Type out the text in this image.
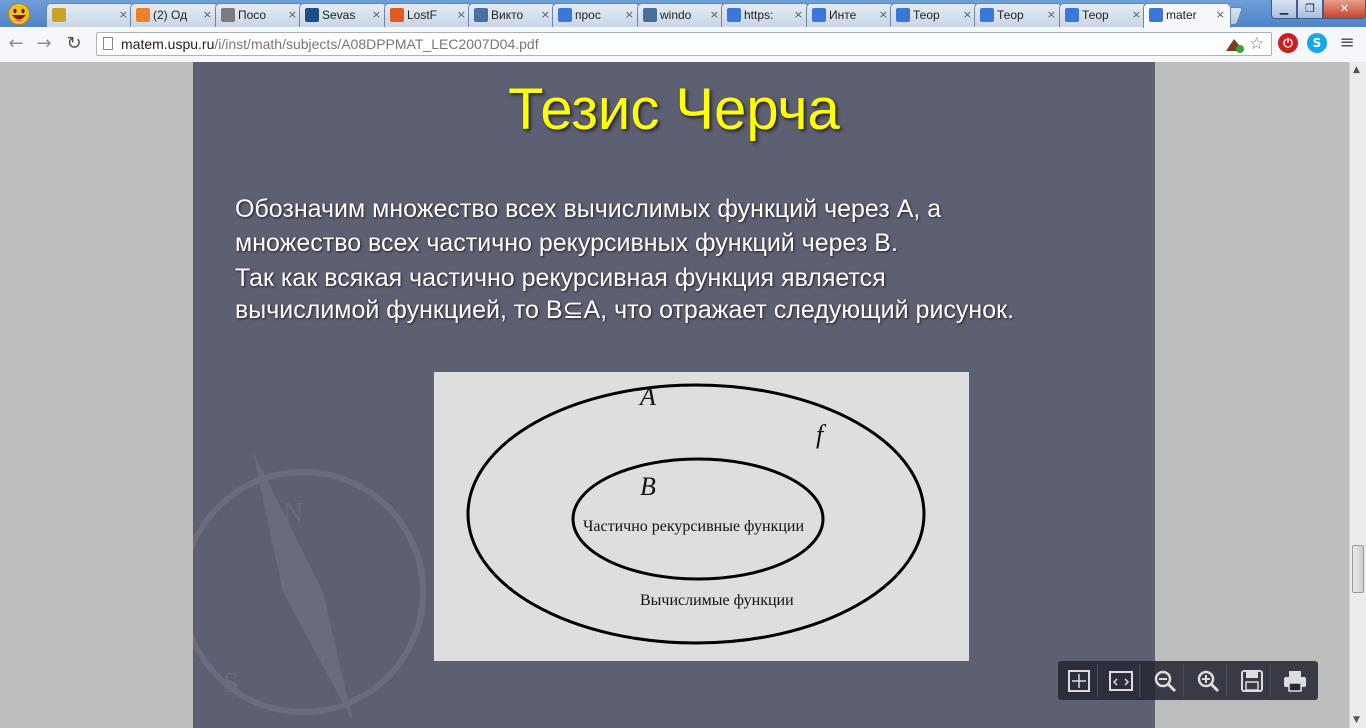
×	(2) Од ×	Посо ×	Sevas ×	LostF ×	Викто ×	прос ×	windo ×	https: ×	Инте ×	Теор ×	Теор ×	Теор ×	mater ×	▁	❐	✕
← → ↻	matem.uspu.ru/i/inst/math/subjects/A08DPPMAT_LEC2007D04.pdf	☆	⏻	S	≡
N
S
Тезис Черча
Обозначим множество всех вычислимых функций через A, а
множество всех частично рекурсивных функций через B.
Так как всякая частично рекурсивная функция является
вычислимой функцией, то B⊆A, что отражает следующий рисунок.
A
f
B
Частично рекурсивные функции
Вычислимые функции
▲
▼
